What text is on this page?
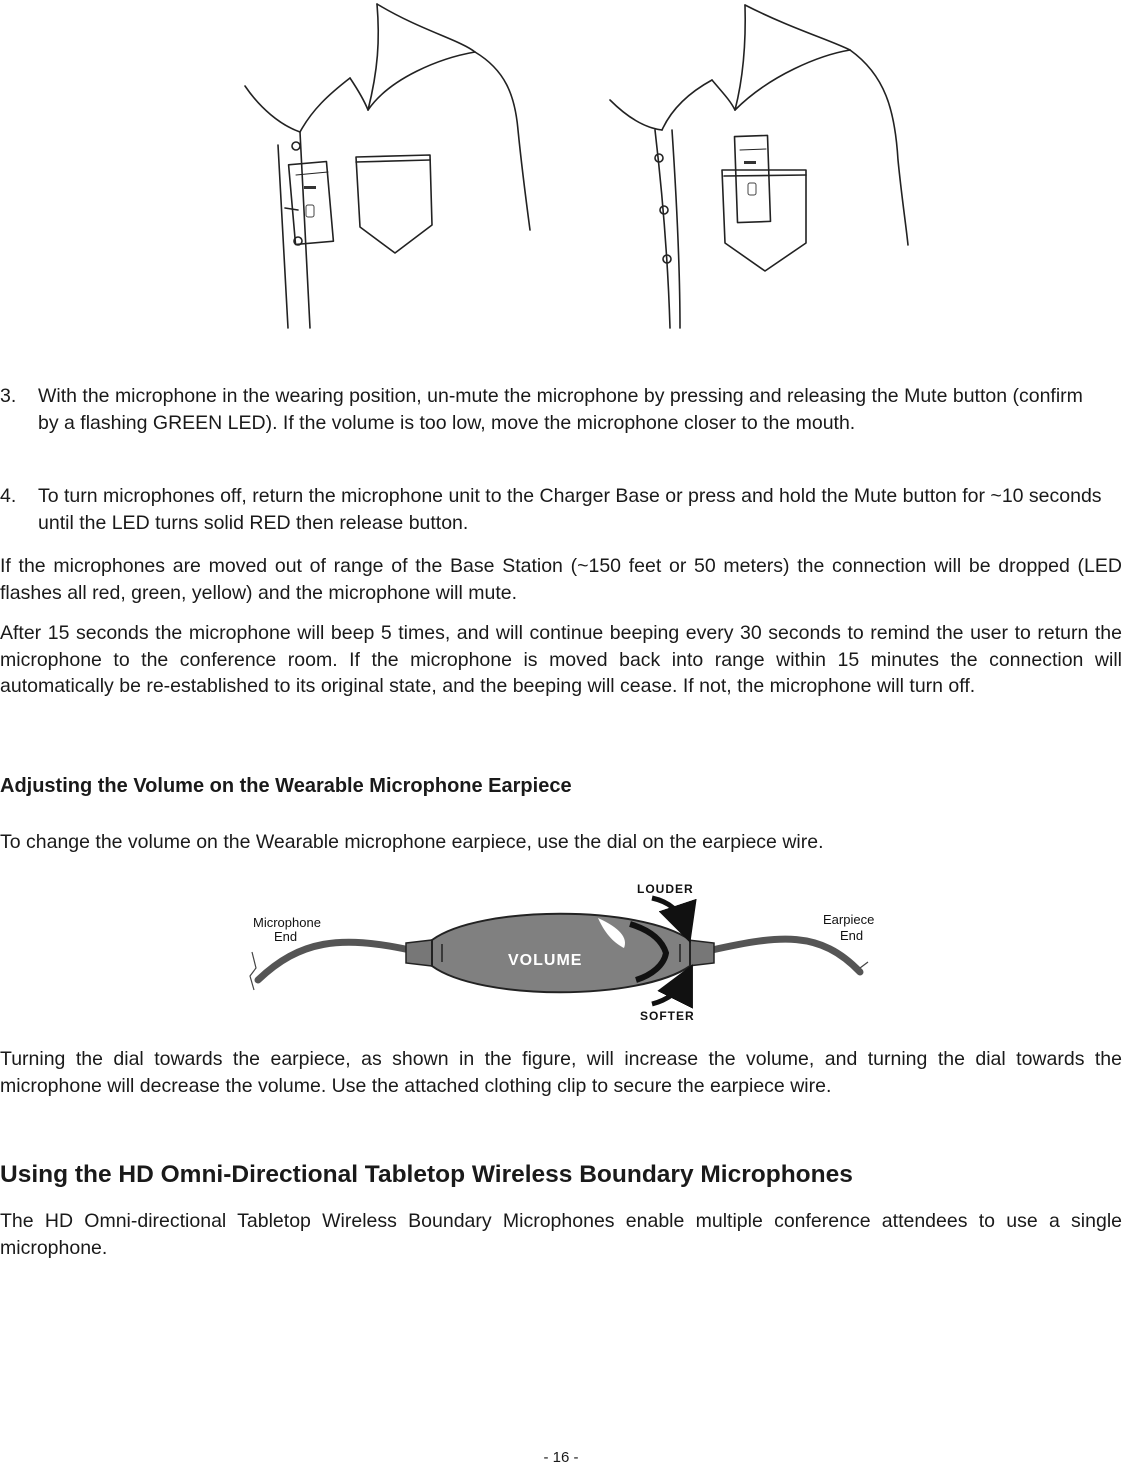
3. With the microphone in the wearing position, un-mute the microphone by pressing and releasing the Mute button (confirm by a flashing GREEN LED). If the volume is too low, move the microphone closer to the mouth.
4. To turn microphones off, return the microphone unit to the Charger Base or press and hold the Mute button for ~10 seconds until the LED turns solid RED then release button.

If the microphones are moved out of range of the Base Station (~150 feet or 50 meters) the connection will be dropped (LED flashes all red, green, yellow) and the microphone will mute.

After 15 seconds the microphone will beep 5 times, and will continue beeping every 30 seconds to remind the user to return the microphone to the conference room. If the microphone is moved back into range within 15 minutes the connection will automatically be re-established to its original state, and the beeping will cease. If not, the microphone will turn off.

Adjusting the Volume on the Wearable Microphone Earpiece

To change the volume on the Wearable microphone earpiece, use the dial on the earpiece wire.

VOLUME
Microphone
End
Earpiece
End
LOUDER
SOFTER

Turning the dial towards the earpiece, as shown in the figure, will increase the volume, and turning the dial towards the microphone will decrease the volume. Use the attached clothing clip to secure the earpiece wire.

Using the HD Omni-Directional Tabletop Wireless Boundary Microphones

The HD Omni-directional Tabletop Wireless Boundary Microphones enable multiple conference attendees to use a single microphone.

- 16 -
